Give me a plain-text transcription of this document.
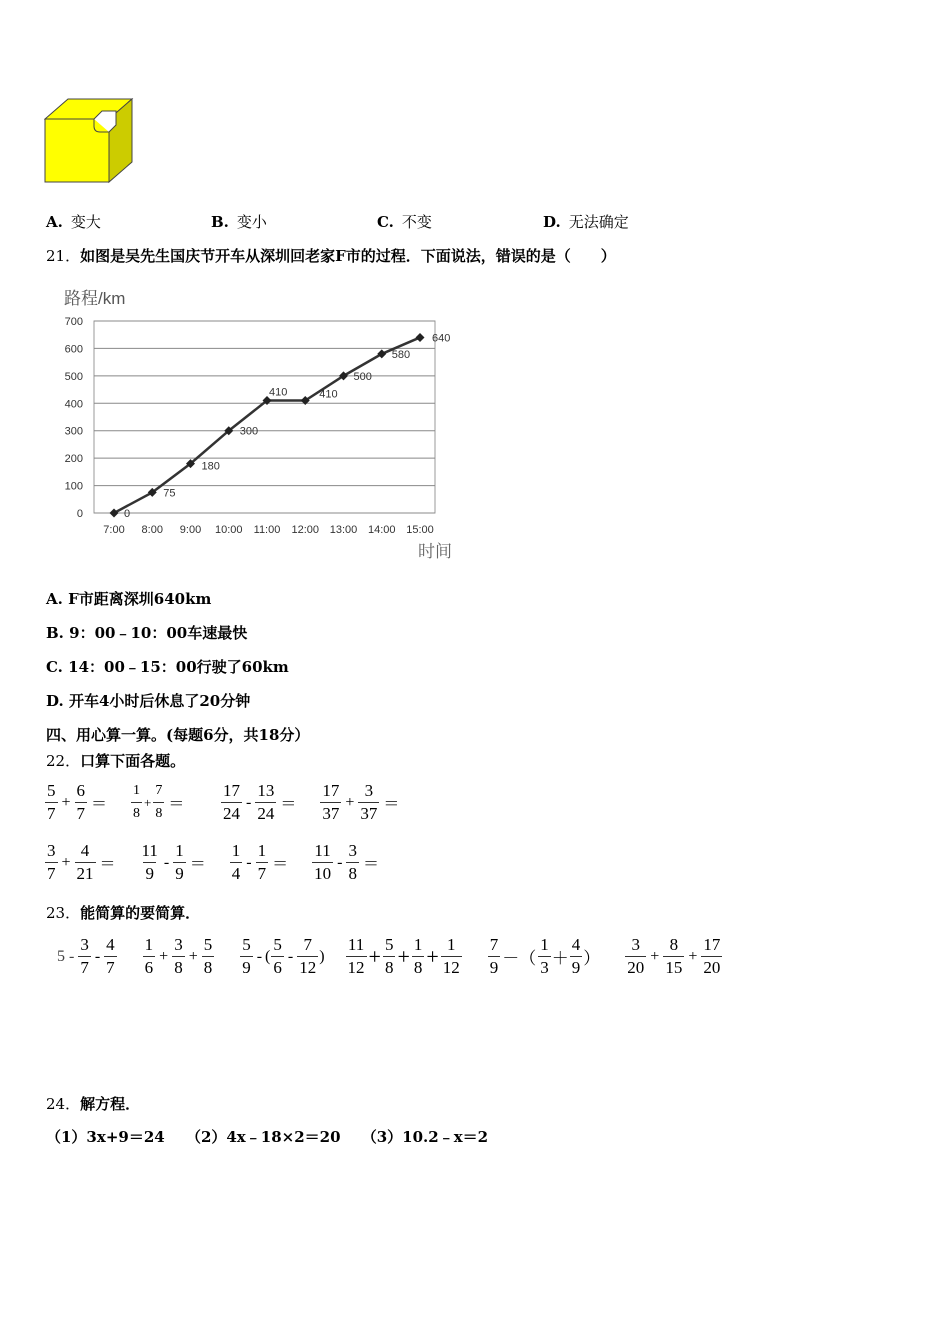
A. 变大	B. 变小	C. 不变	D. 无法确定
21．如图是吴先生国庆节开车从深圳回老家F市的过程．下面说法，错误的是（　　）
路程/km
时间
0
100
200
300
400
500
600
700
7:00 8:00 9:00 10:00 11:00 12:00 13:00 14:00 15:00
0
75
180
300
410	410
500
580
640
A. F市距离深圳640km
B. 9：00﹣10：00车速最快
C. 14：00﹣15：00行驶了60km
D. 开车4小时后休息了20分钟
四、用心算一算。(每题6分，共18分）
22．口算下面各题。
$\frac{5}{7} + \frac{6}{7} = \frac{1}{8} + \frac{7}{8} = \frac{17}{24} - \frac{13}{24} = \frac{17}{37} + \frac{3}{37}$ ＝
$\frac{3}{7} + \frac{4}{21} = \frac{11}{9} - \frac{1}{9} = \frac{1}{4} - \frac{1}{7} = \frac{11}{10} - \frac{3}{8}$ ＝
23．能简算的要简算．
$5 - \frac{3}{7} - \frac{4}{7} \frac{1}{6} + \frac{3}{8} + \frac{5}{8} \frac{5}{9}$ - ( $\frac{5}{6} - \frac{7}{12}$ ) $\frac{11}{12} + \frac{5}{8} + \frac{1}{8} + \frac{1}{12} \frac{7}{9}$ －（ $\frac{1}{3} + \frac{4}{9}$ ） $\frac{3}{20} + \frac{8}{15} + \frac{17}{20}$
24．解方程．
（1）3x+9＝24 （2）4x﹣18×2＝20 （3）10.2﹣x＝2
